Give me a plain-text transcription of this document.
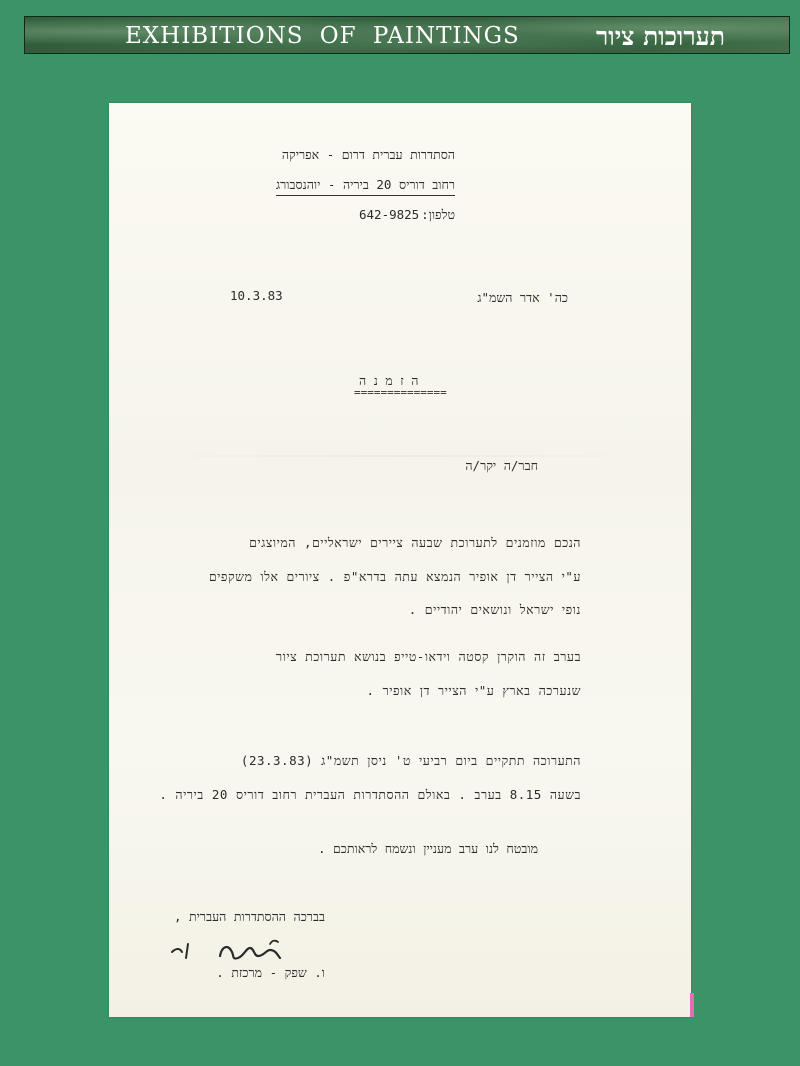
EXHIBITIONS OF PAINTINGS	תערוכות ציור
הסתדרות עברית דרום - אפריקה
רחוב דוריס 20 ביריה - יוהנסבורג
642-9825 טלפון:
10.3.83	כה' אדר השמ"ג
ה ז מ נ ה
==============
חבר/ה יקר/ה
הנכם מוזמנים לתערוכת שבעה ציירים ישראליים, המיוצגים
ע"י הצייר דן אופיר הנמצא עתה בדרא"פ . ציורים אלו משקפים
נופי ישראל ונושאים יהודיים .
בערב זה הוקרן קסטה וידאו-טייפ בנושא תערוכת ציור
שנערכה בארץ ע"י הצייר דן אופיר .
התערוכה תתקיים ביום רביעי ט' ניסן תשמ"ג (23.3.83)
בשעה 8.15 בערב . באולם ההסתדרות העברית רחוב דוריס 20 ביריה .
מובטח לנו ערב מעניין ונשמח לראותכם .
בברכה ההסתדרות העברית ,
ו. שפק - מרכזת .
